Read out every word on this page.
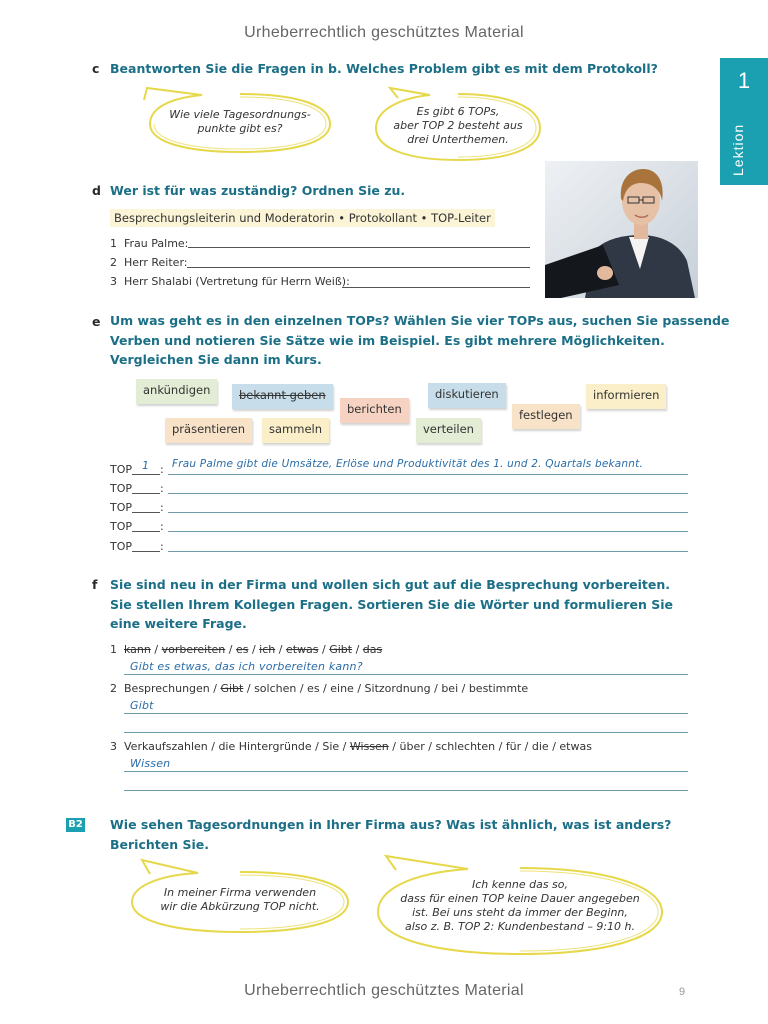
Urheberrechtlich geschütztes Material
1
Lektion
c Beantworten Sie die Fragen in b. Welches Problem gibt es mit dem Protokoll?
Wie viele Tagesordnungs-
punkte gibt es?
Es gibt 6 TOPs,
aber TOP 2 besteht aus
drei Unterthemen.
d Wer ist für was zuständig? Ordnen Sie zu.
Besprechungsleiterin und Moderatorin • Protokollant • TOP-Leiter
1 Frau Palme:
2 Herr Reiter:
3 Herr Shalabi (Vertretung für Herrn Weiß):
e Um was geht es in den einzelnen TOPs? Wählen Sie vier TOPs aus, suchen Sie passende
Verben und notieren Sie Sätze wie im Beispiel. Es gibt mehrere Möglichkeiten.
Vergleichen Sie dann im Kurs.
ankündigen	bekannt geben
berichten
diskutieren	informieren
festlegen
präsentieren	sammeln	verteilen
TOP 1 : Frau Palme gibt die Umsätze, Erlöse und Produktivität des 1. und 2. Quartals bekannt.
TOP	:
TOP	:
TOP	:
TOP	:
f Sie sind neu in der Firma und wollen sich gut auf die Besprechung vorbereiten.
Sie stellen Ihrem Kollegen Fragen. Sortieren Sie die Wörter und formulieren Sie
eine weitere Frage.
1 kann / vorbereiten / es / ich / etwas / Gibt / das
Gibt es etwas, das ich vorbereiten kann?
2 Besprechungen / Gibt / solchen / es / eine / Sitzordnung / bei / bestimmte
Gibt
3 Verkaufszahlen / die Hintergründe / Sie / Wissen / über / schlechten / für / die / etwas
Wissen
B2 Wie sehen Tagesordnungen in Ihrer Firma aus? Was ist ähnlich, was ist anders?
Berichten Sie.
In meiner Firma verwenden
wir die Abkürzung TOP nicht.
Ich kenne das so,
dass für einen TOP keine Dauer angegeben
ist. Bei uns steht da immer der Beginn,
also z. B. TOP 2: Kundenbestand – 9:10 h.
Urheberrechtlich geschütztes Material	9
